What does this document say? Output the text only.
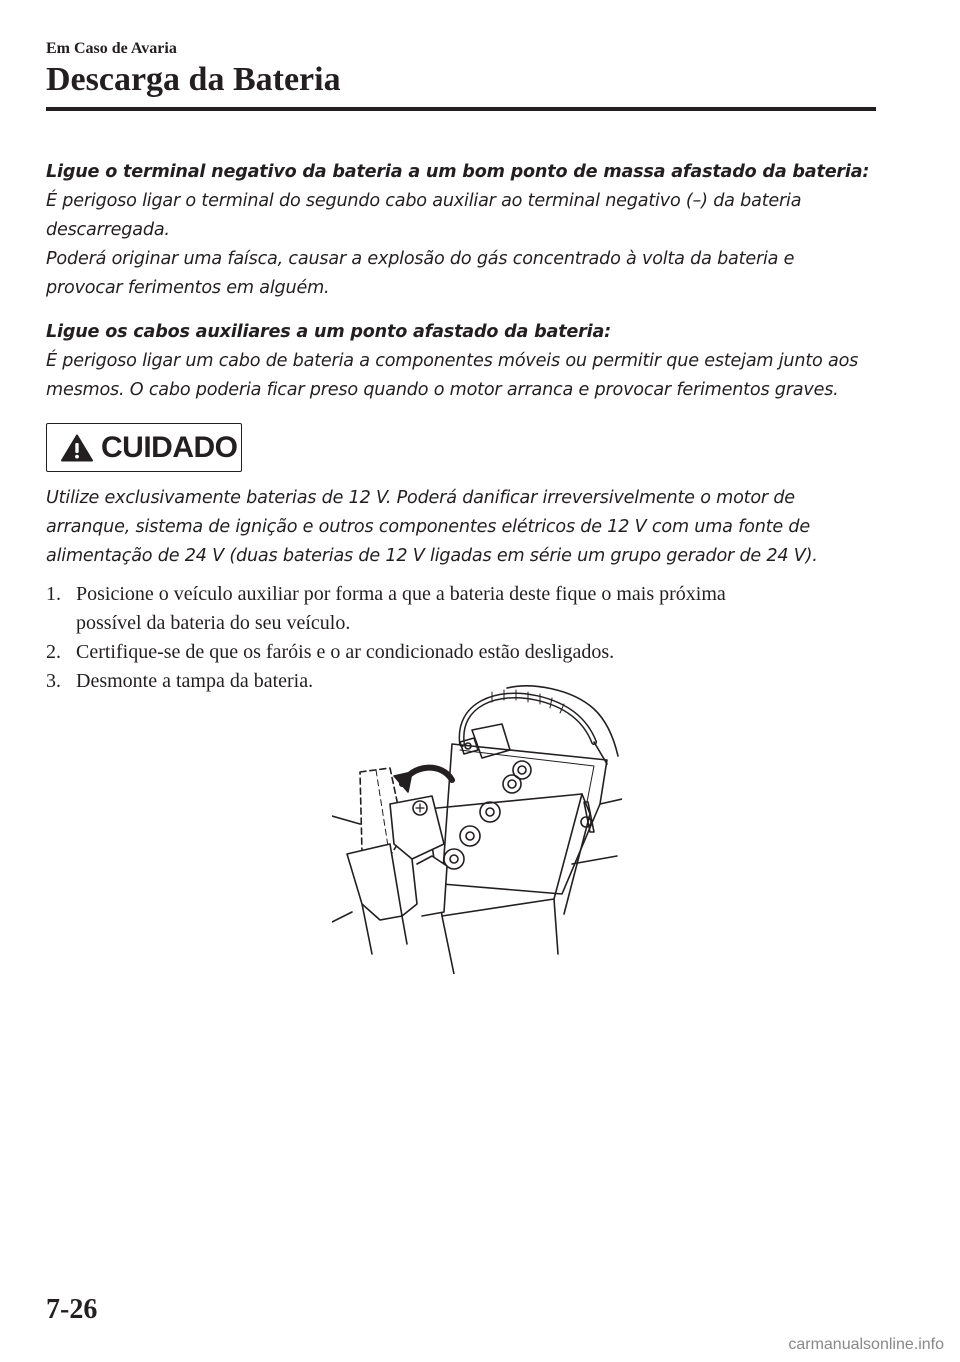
Em Caso de Avaria
Descarga da Bateria
Ligue o terminal negativo da bateria a um bom ponto de massa afastado da bateria:
É perigoso ligar o terminal do segundo cabo auxiliar ao terminal negativo (–) da bateria
descarregada.
Poderá originar uma faísca, causar a explosão do gás concentrado à volta da bateria e
provocar ferimentos em alguém.
Ligue os cabos auxiliares a um ponto afastado da bateria:
É perigoso ligar um cabo de bateria a componentes móveis ou permitir que estejam junto aos
mesmos. O cabo poderia ficar preso quando o motor arranca e provocar ferimentos graves.
CUIDADO
Utilize exclusivamente baterias de 12 V. Poderá danificar irreversivelmente o motor de
arranque, sistema de ignição e outros componentes elétricos de 12 V com uma fonte de
alimentação de 24 V (duas baterias de 12 V ligadas em série um grupo gerador de 24 V).
1. Posicione o veículo auxiliar por forma a que a bateria deste fique o mais próxima
possível da bateria do seu veículo.
2. Certifique-se de que os faróis e o ar condicionado estão desligados.
3. Desmonte a tampa da bateria.
7-26
carmanualsonline.info
